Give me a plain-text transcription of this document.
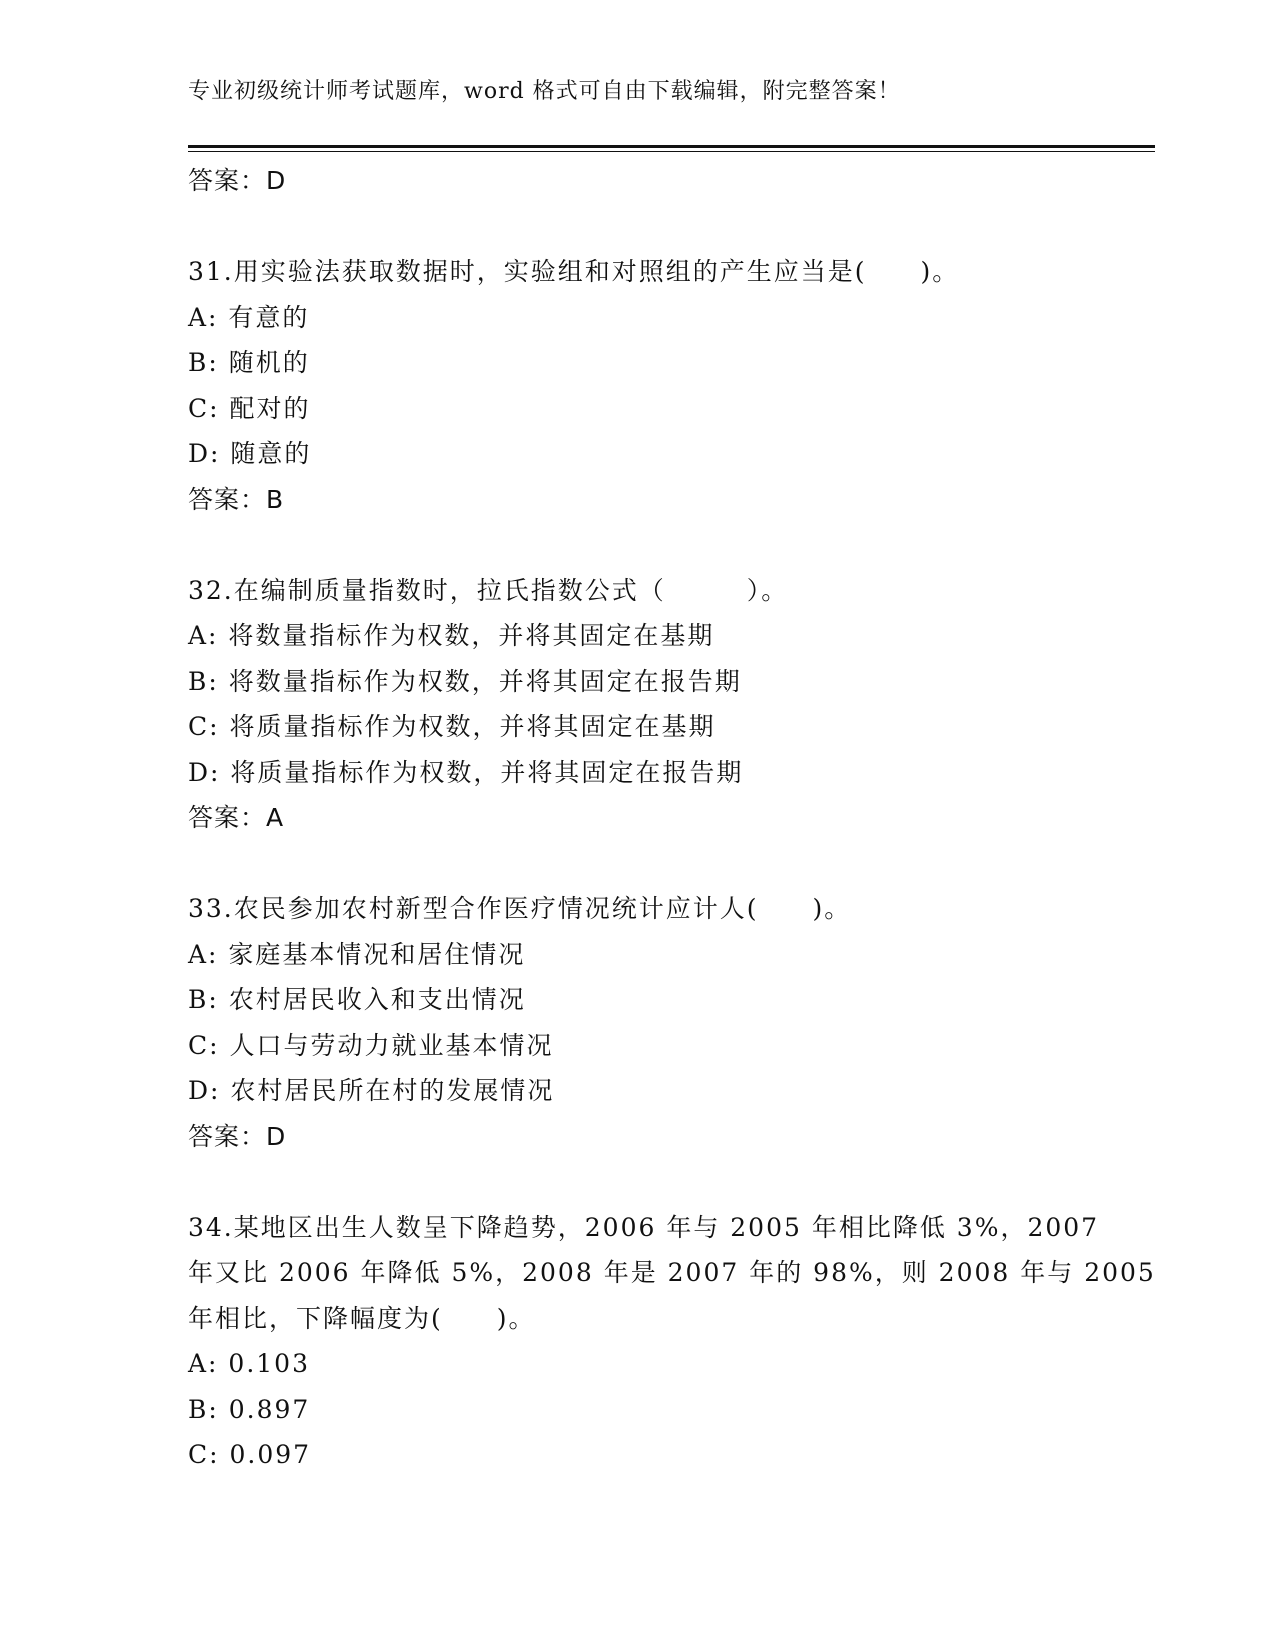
专业初级统计师考试题库，word 格式可自由下载编辑，附完整答案！
答案：D
31.用实验法获取数据时，实验组和对照组的产生应当是(　　)。
A: 有意的
B: 随机的
C: 配对的
D: 随意的
答案：B
32.在编制质量指数时，拉氏指数公式（　　　）。
A: 将数量指标作为权数，并将其固定在基期
B: 将数量指标作为权数，并将其固定在报告期
C: 将质量指标作为权数，并将其固定在基期
D: 将质量指标作为权数，并将其固定在报告期
答案：A
33.农民参加农村新型合作医疗情况统计应计人(　　)。
A: 家庭基本情况和居住情况
B: 农村居民收入和支出情况
C: 人口与劳动力就业基本情况
D: 农村居民所在村的发展情况
答案：D
34.某地区出生人数呈下降趋势，2006 年与 2005 年相比降低 3%，2007
年又比 2006 年降低 5%，2008 年是 2007 年的 98%，则 2008 年与 2005
年相比，下降幅度为(　　)。
A: 0.103
B: 0.897
C: 0.097
